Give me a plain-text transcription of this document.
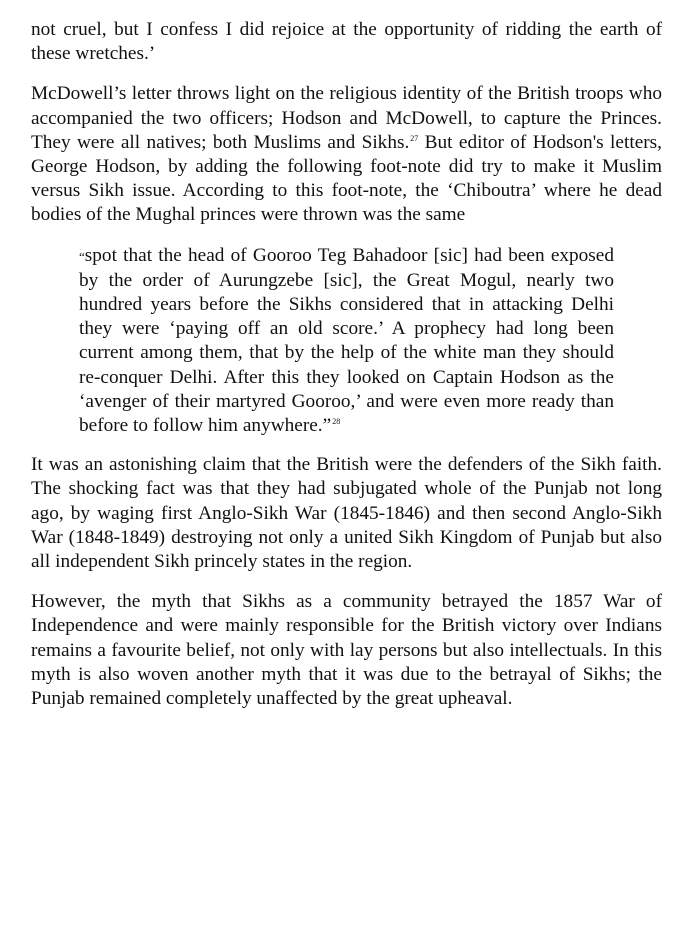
not cruel, but I confess I did rejoice at the opportunity of ridding the earth of these wretches.’

McDowell’s letter throws light on the religious identity of the British troops who accompanied the two officers; Hodson and McDowell, to capture the Princes. They were all natives; both Muslims and Sikhs.$^{27}$ But editor of Hodson's letters, George Hodson, by adding the following foot-note did try to make it Muslim versus Sikh issue. According to this foot-note, the ‘Chiboutra’ where he dead bodies of the Mughal princes were thrown was the same

“spot that the head of Gooroo Teg Bahadoor [sic] had been exposed by the order of Aurungzebe [sic], the Great Mogul, nearly two hundred years before the Sikhs considered that in attacking Delhi they were ‘paying off an old score.’ A prophecy had long been current among them, that by the help of the white man they should re-conquer Delhi. After this they looked on Captain Hodson as the ‘avenger of their martyred Gooroo,’ and were even more ready than before to follow him anywhere.”$^{28}$

It was an astonishing claim that the British were the defenders of the Sikh faith. The shocking fact was that they had subjugated whole of the Punjab not long ago, by waging first Anglo-Sikh War (1845-1846) and then second Anglo-Sikh War (1848-1849) destroying not only a united Sikh Kingdom of Punjab but also all independent Sikh princely states in the region.

However, the myth that Sikhs as a community betrayed the 1857 War of Independence and were mainly responsible for the British victory over Indians remains a favourite belief, not only with lay persons but also intellectuals. In this myth is also woven another myth that it was due to the betrayal of Sikhs; the Punjab remained completely unaffected by the great upheaval.
